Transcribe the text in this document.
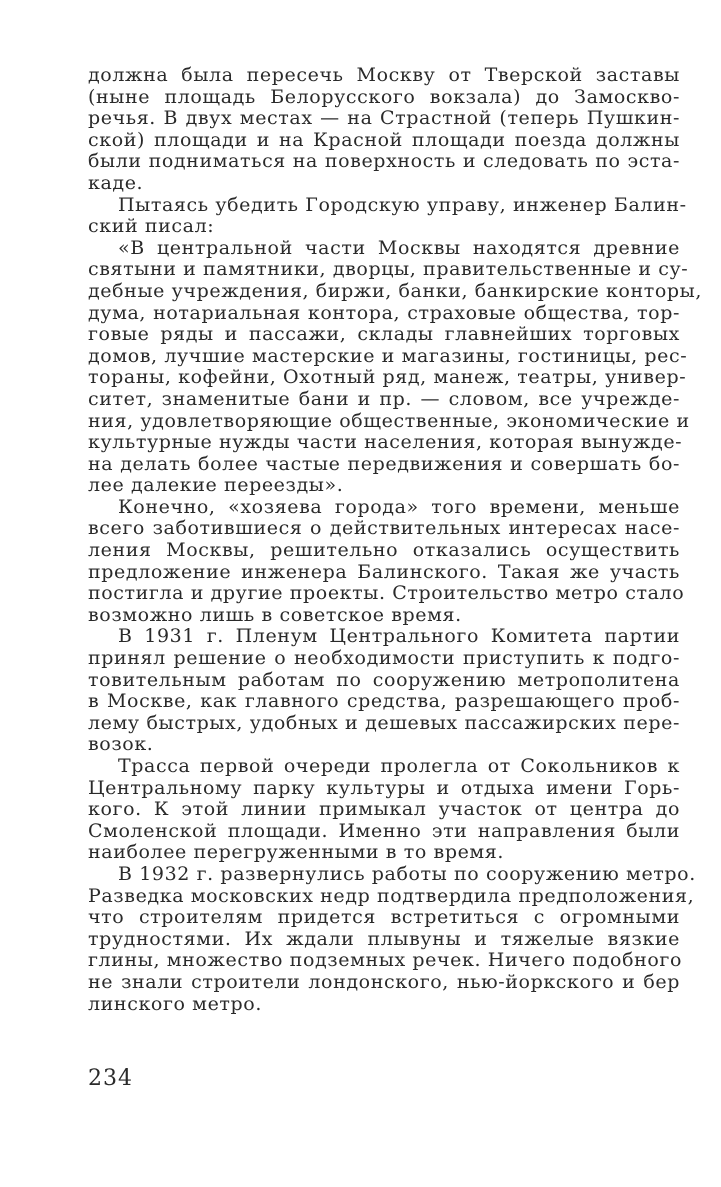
должна была пересечь Москву от Тверской заставы
(ныне площадь Белорусского вокзала) до Замоскво-
речья. В двух местах — на Страстной (теперь Пушкин-
ской) площади и на Красной площади поезда должны
были подниматься на поверхность и следовать по эста-
каде.

Пытаясь убедить Городскую управу, инженер Балин-
ский писал:

«В центральной части Москвы находятся древние
святыни и памятники, дворцы, правительственные и су-
дебные учреждения, биржи, банки, банкирские конторы,
дума, нотариальная контора, страховые общества, тор-
говые ряды и пассажи, склады главнейших торговых
домов, лучшие мастерские и магазины, гостиницы, рес-
тораны, кофейни, Охотный ряд, манеж, театры, универ-
ситет, знаменитые бани и пр. — словом, все учрежде-
ния, удовлетворяющие общественные, экономические и
культурные нужды части населения, которая вынужде-
на делать более частые передвижения и совершать бо-
лее далекие переезды».

Конечно, «хозяева города» того времени, меньше
всего заботившиеся о действительных интересах насе-
ления Москвы, решительно отказались осуществить
предложение инженера Балинского. Такая же участь
постигла и другие проекты. Строительство метро стало
возможно лишь в советское время.

В 1931 г. Пленум Центрального Комитета партии
принял решение о необходимости приступить к подго-
товительным работам по сооружению метрополитена
в Москве, как главного средства, разрешающего проб-
лему быстрых, удобных и дешевых пассажирских пере-
возок.

Трасса первой очереди пролегла от Сокольников к
Центральному парку культуры и отдыха имени Горь-
кого. К этой линии примыкал участок от центра до
Смоленской площади. Именно эти направления были
наиболее перегруженными в то время.

В 1932 г. развернулись работы по сооружению метро.
Разведка московских недр подтвердила предположения,
что строителям придется встретиться с огромными
трудностями. Их ждали плывуны и тяжелые вязкие
глины, множество подземных речек. Ничего подобного
не знали строители лондонского, нью-йоркского и бер
линского метро.

234
